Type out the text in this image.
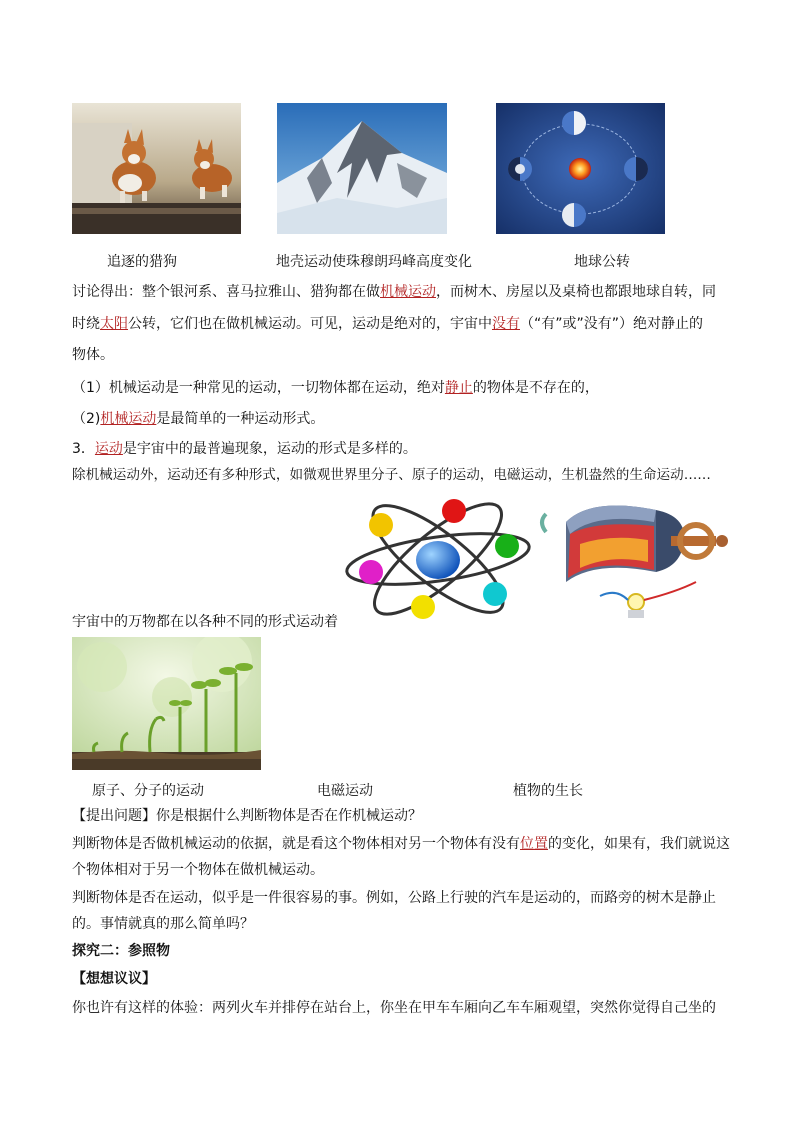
追逐的猎狗	地壳运动使珠穆朗玛峰高度变化	地球公转
讨论得出：整个银河系、喜马拉雅山、猎狗都在做机械运动，而树木、房屋以及桌椅也都跟地球自转，同
时绕太阳公转，它们也在做机械运动。可见，运动是绝对的，宇宙中没有（“有”或”没有”）绝对静止的
物体。
（1）机械运动是一种常见的运动，一切物体都在运动，绝对静止的物体是不存在的，
（2)机械运动是最简单的一种运动形式。
3．运动是宇宙中的最普遍现象，运动的形式是多样的。
除机械运动外，运动还有多种形式，如微观世界里分子、原子的运动，电磁运动，生机盎然的生命运动……
宇宙中的万物都在以各种不同的形式运动着
原子、分子的运动	电磁运动	植物的生长
【提出问题】你是根据什么判断物体是否在作机械运动？
判断物体是否做机械运动的依据，就是看这个物体相对另一个物体有没有位置的变化，如果有，我们就说这
个物体相对于另一个物体在做机械运动。
判断物体是否在运动，似乎是一件很容易的事。例如，公路上行驶的汽车是运动的，而路旁的树木是静止
的。事情就真的那么简单吗？
探究二：参照物
【想想议议】
你也许有这样的体验：两列火车并排停在站台上，你坐在甲车车厢向乙车车厢观望，突然你觉得自己坐的
